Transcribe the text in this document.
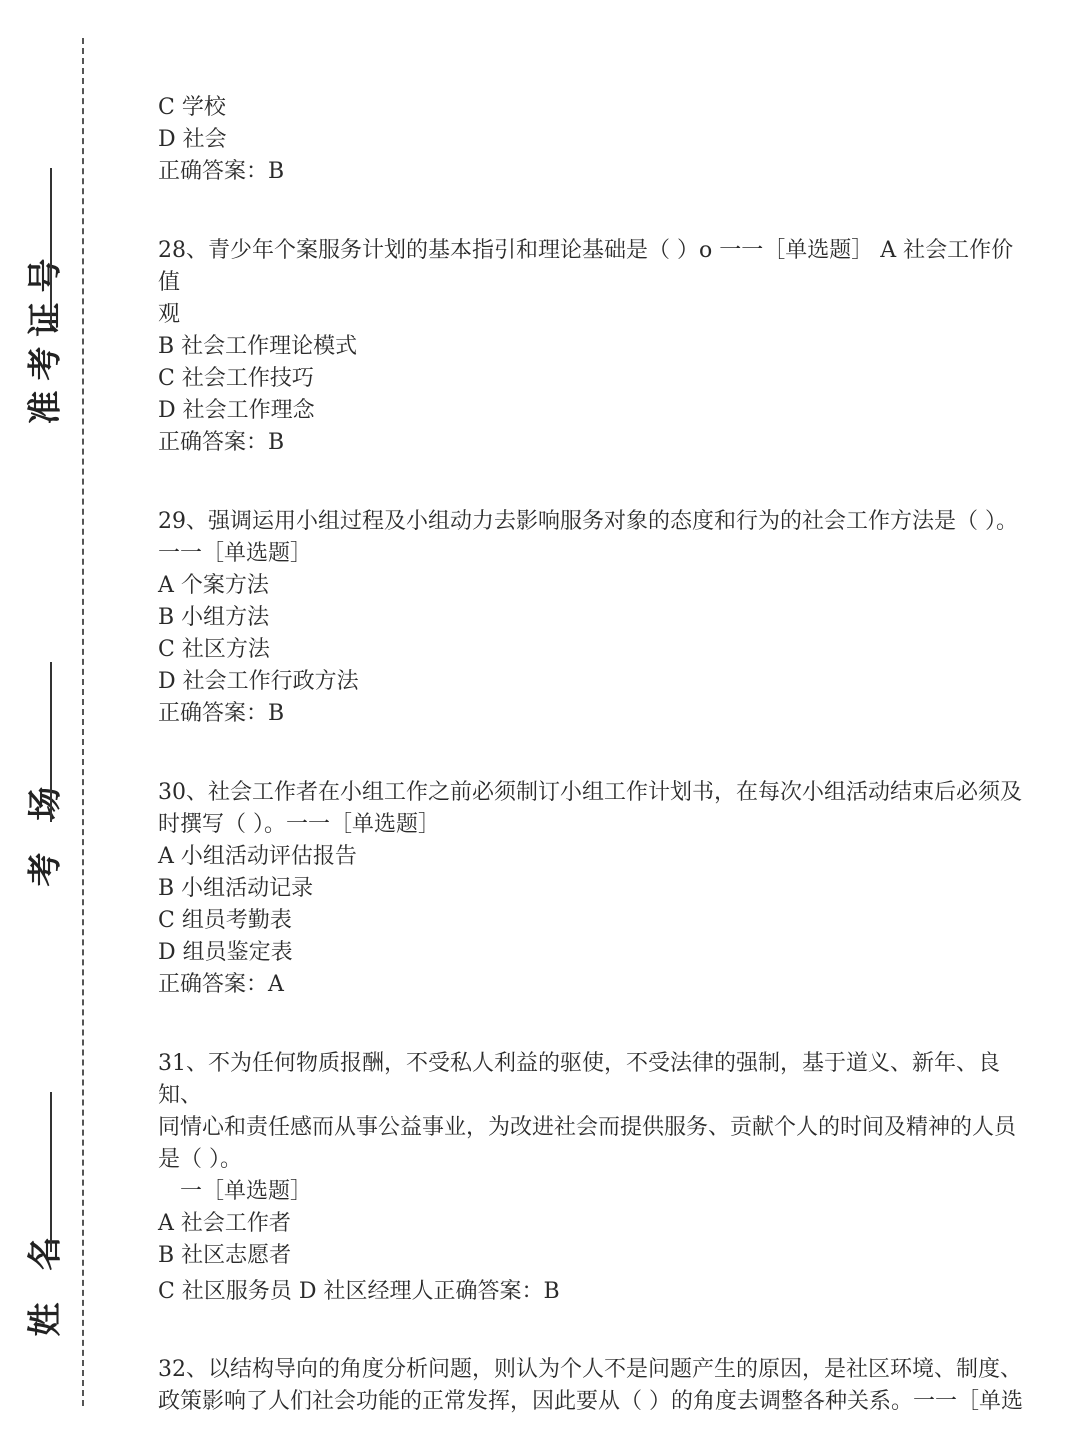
准考证号
考 场
姓 名
C 学校
D 社会
正确答案：B
28、青少年个案服务计划的基本指引和理论基础是（ ）o 一一［单选题］ A 社会工作价值
观
B 社会工作理论模式
C 社会工作技巧
D 社会工作理念
正确答案：B
29、强调运用小组过程及小组动力去影响服务对象的态度和行为的社会工作方法是（ ）。
一一［单选题］
A 个案方法
B 小组方法
C 社区方法
D 社会工作行政方法
正确答案：B
30、社会工作者在小组工作之前必须制订小组工作计划书，在每次小组活动结束后必须及
时撰写（ ）。一一［单选题］
A 小组活动评估报告
B 小组活动记录
C 组员考勤表
D 组员鉴定表
正确答案：A
31、不为任何物质报酬，不受私人利益的驱使，不受法律的强制，基于道义、新年、良知、
同情心和责任感而从事公益事业，为改进社会而提供服务、贡献个人的时间及精神的人员
是（ ）。
一［单选题］
A 社会工作者
B 社区志愿者
C 社区服务员 D 社区经理人正确答案：B
32、以结构导向的角度分析问题，则认为个人不是问题产生的原因，是社区环境、制度、
政策影响了人们社会功能的正常发挥，因此要从（ ）的角度去调整各种关系。一一［单选
